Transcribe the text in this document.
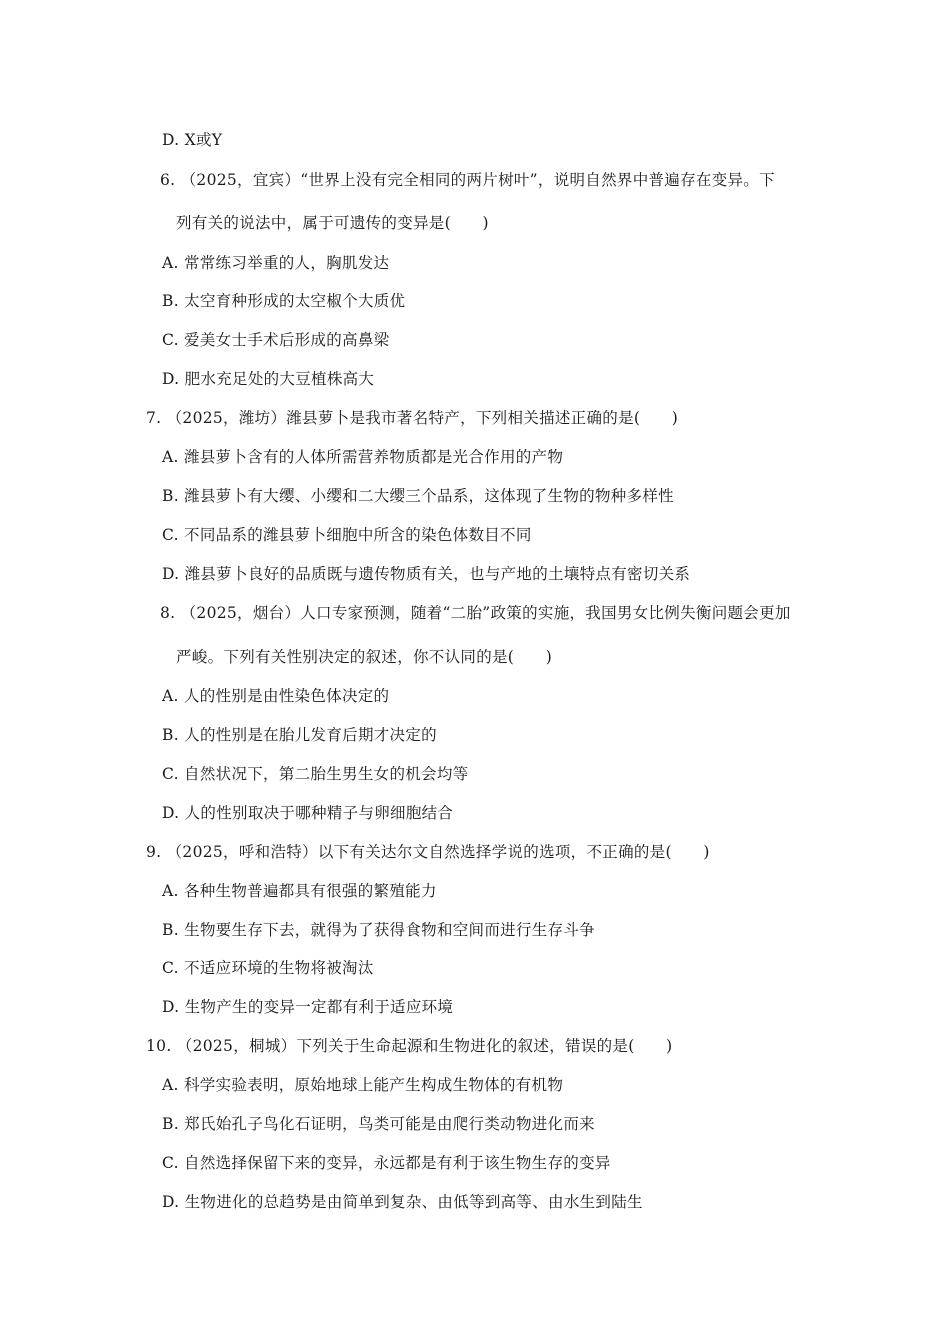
D. X或Y
6. （2025，宜宾）“世界上没有完全相同的两片树叶”，说明自然界中普遍存在变异。下
列有关的说法中，属于可遗传的变异是(　　)
A. 常常练习举重的人，胸肌发达
B. 太空育种形成的太空椒个大质优
C. 爱美女士手术后形成的高鼻梁
D. 肥水充足处的大豆植株高大
7. （2025，潍坊）潍县萝卜是我市著名特产，下列相关描述正确的是(　　)
A. 潍县萝卜含有的人体所需营养物质都是光合作用的产物
B. 潍县萝卜有大缨、小缨和二大缨三个品系，这体现了生物的物种多样性
C. 不同品系的潍县萝卜细胞中所含的染色体数目不同
D. 潍县萝卜良好的品质既与遗传物质有关，也与产地的土壤特点有密切关系
8. （2025，烟台）人口专家预测，随着“二胎”政策的实施，我国男女比例失衡问题会更加
严峻。下列有关性别决定的叙述，你不认同的是(　　)
A. 人的性别是由性染色体决定的
B. 人的性别是在胎儿发育后期才决定的
C. 自然状况下，第二胎生男生女的机会均等
D. 人的性别取决于哪种精子与卵细胞结合
9. （2025，呼和浩特）以下有关达尔文自然选择学说的选项，不正确的是(　　)
A. 各种生物普遍都具有很强的繁殖能力
B. 生物要生存下去，就得为了获得食物和空间而进行生存斗争
C. 不适应环境的生物将被淘汰
D. 生物产生的变异一定都有利于适应环境
10. （2025，桐城）下列关于生命起源和生物进化的叙述，错误的是(　　)
A. 科学实验表明，原始地球上能产生构成生物体的有机物
B. 郑氏始孔子鸟化石证明，鸟类可能是由爬行类动物进化而来
C. 自然选择保留下来的变异，永远都是有利于该生物生存的变异
D. 生物进化的总趋势是由简单到复杂、由低等到高等、由水生到陆生
